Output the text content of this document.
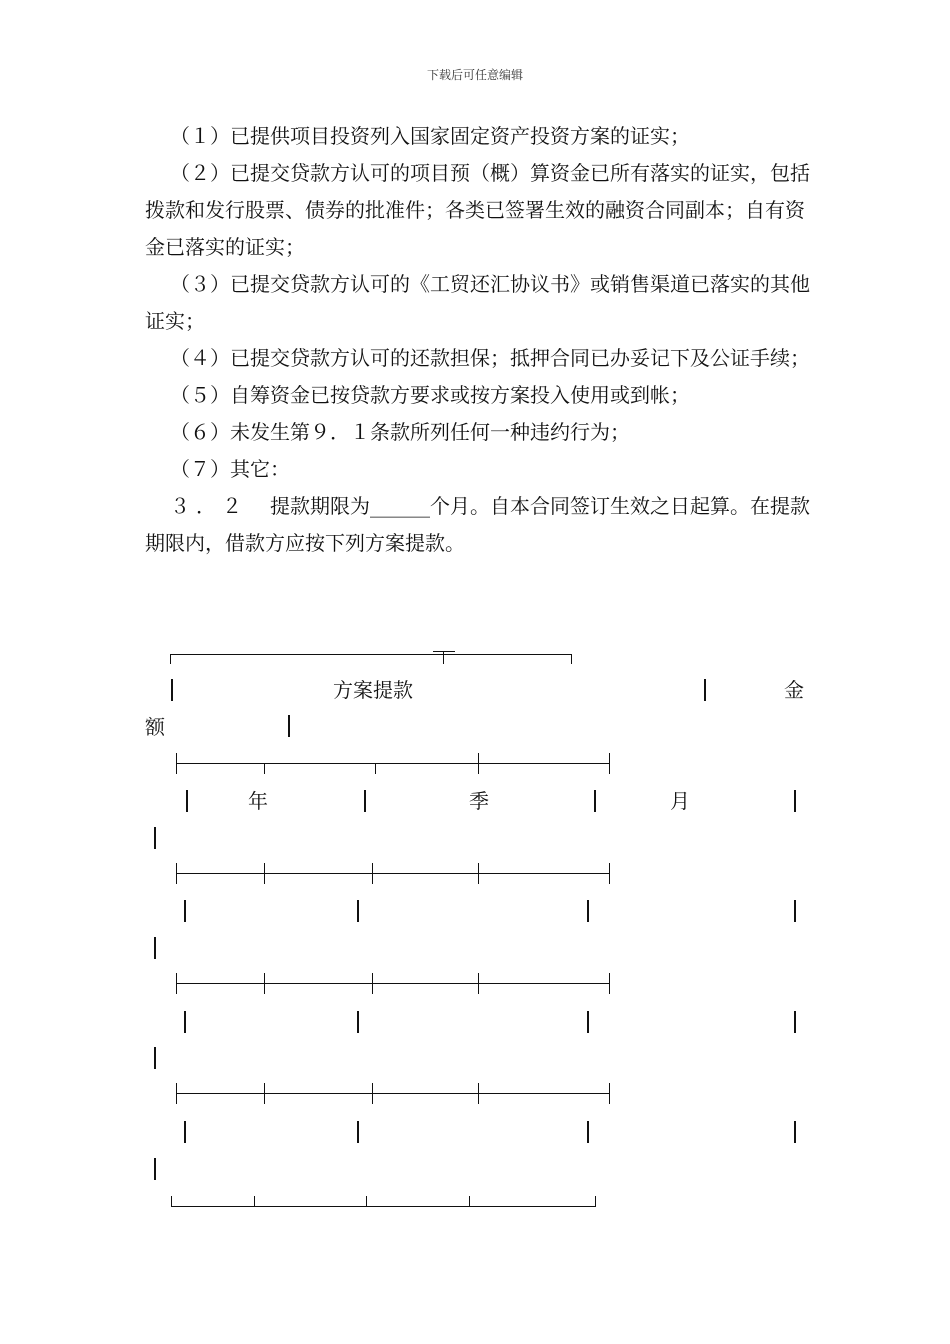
下载后可任意编辑

（１）已提供项目投资列入国家固定资产投资方案的证实；

（２）已提交贷款方认可的项目预（概）算资金已所有落实的证实，包括拨款和发行股票、债券的批准件；各类已签署生效的融资合同副本；自有资金已落实的证实；

（３）已提交贷款方认可的《工贸还汇协议书》或销售渠道已落实的其他证实；

（４）已提交贷款方认可的还款担保；抵押合同已办妥记下及公证手续；

（５）自筹资金已按贷款方要求或按方案投入使用或到帐；

（６）未发生第９．１条款所列任何一种违约行为；

（７）其它：

３．２ 提款期限为______个月。自本合同签订生效之日起算。在提款期限内，借款方应按下列方案提款。

方案提款	金
额
年	季	月
